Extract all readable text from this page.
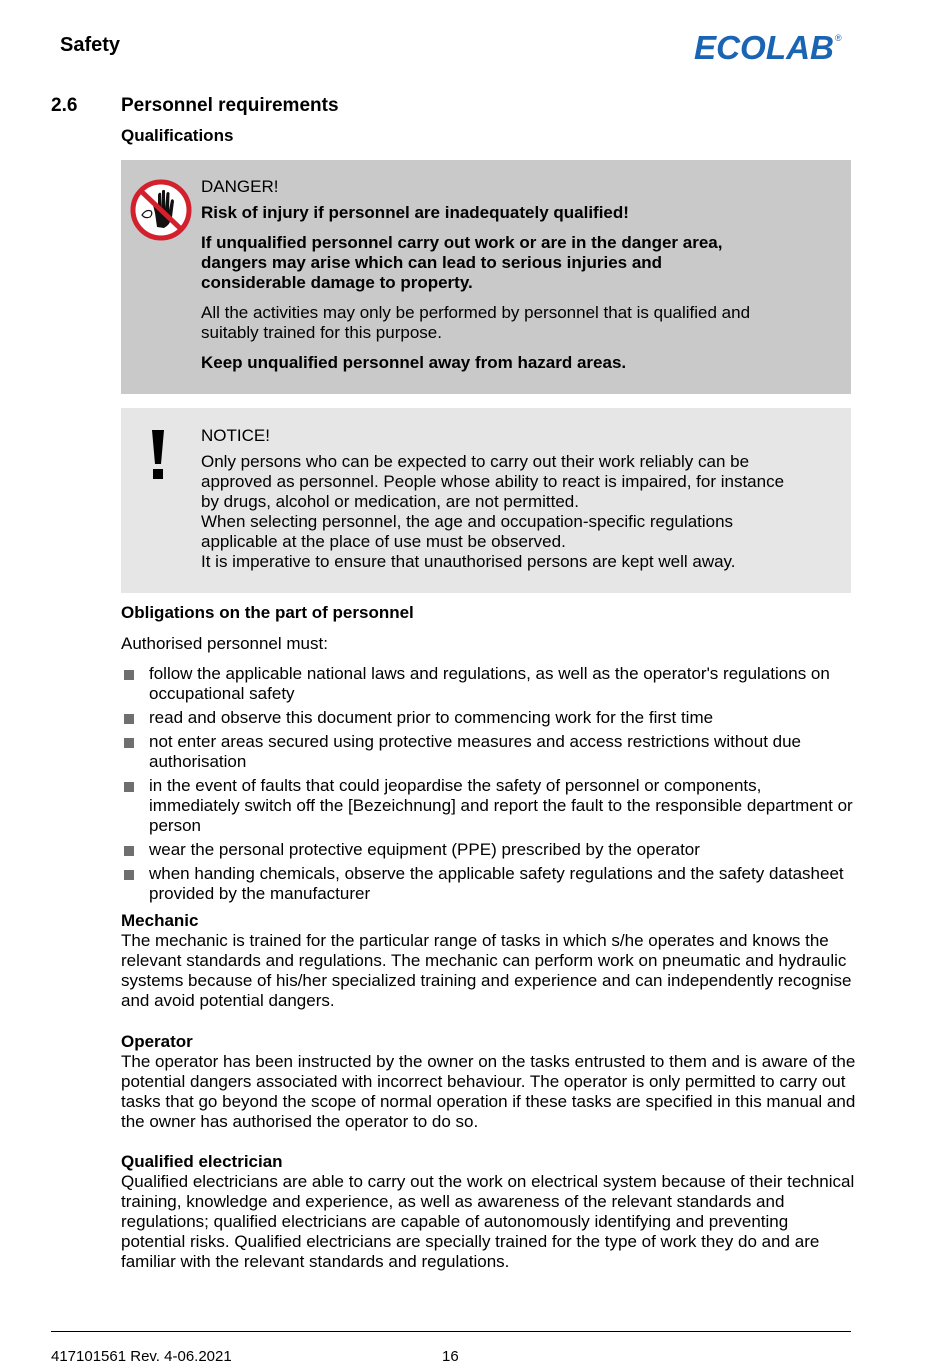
Safety	ECOLAB ®
2.6 Personnel requirements
Qualifications
DANGER!
Risk of injury if personnel are inadequately qualified!
If unqualified personnel carry out work or are in the danger area, dangers may arise which can lead to serious injuries and considerable damage to property.
All the activities may only be performed by personnel that is qualified and suitably trained for this purpose.
Keep unqualified personnel away from hazard areas.
NOTICE!
Only persons who can be expected to carry out their work reliably can be approved as personnel. People whose ability to react is impaired, for instance by drugs, alcohol or medication, are not permitted.
When selecting personnel, the age and occupation-specific regulations applicable at the place of use must be observed.
It is imperative to ensure that unauthorised persons are kept well away.
Obligations on the part of personnel
Authorised personnel must:
follow the applicable national laws and regulations, as well as the operator's regulations on occupational safety
read and observe this document prior to commencing work for the first time
not enter areas secured using protective measures and access restrictions without due authorisation
in the event of faults that could jeopardise the safety of personnel or components, immediately switch off the [Bezeichnung] and report the fault to the responsible department or person
wear the personal protective equipment (PPE) prescribed by the operator
when handing chemicals, observe the applicable safety regulations and the safety datasheet provided by the manufacturer
Mechanic
The mechanic is trained for the particular range of tasks in which s/he operates and knows the relevant standards and regulations. The mechanic can perform work on pneumatic and hydraulic systems because of his/her specialized training and experience and can independently recognise and avoid potential dangers.
Operator
The operator has been instructed by the owner on the tasks entrusted to them and is aware of the potential dangers associated with incorrect behaviour. The operator is only permitted to carry out tasks that go beyond the scope of normal operation if these tasks are specified in this manual and the owner has authorised the operator to do so.
Qualified electrician
Qualified electricians are able to carry out the work on electrical system because of their technical training, knowledge and experience, as well as awareness of the relevant standards and regulations; qualified electricians are capable of autonomously identifying and preventing potential risks. Qualified electricians are specially trained for the type of work they do and are familiar with the relevant standards and regulations.
417101561 Rev. 4-06.2021	16
